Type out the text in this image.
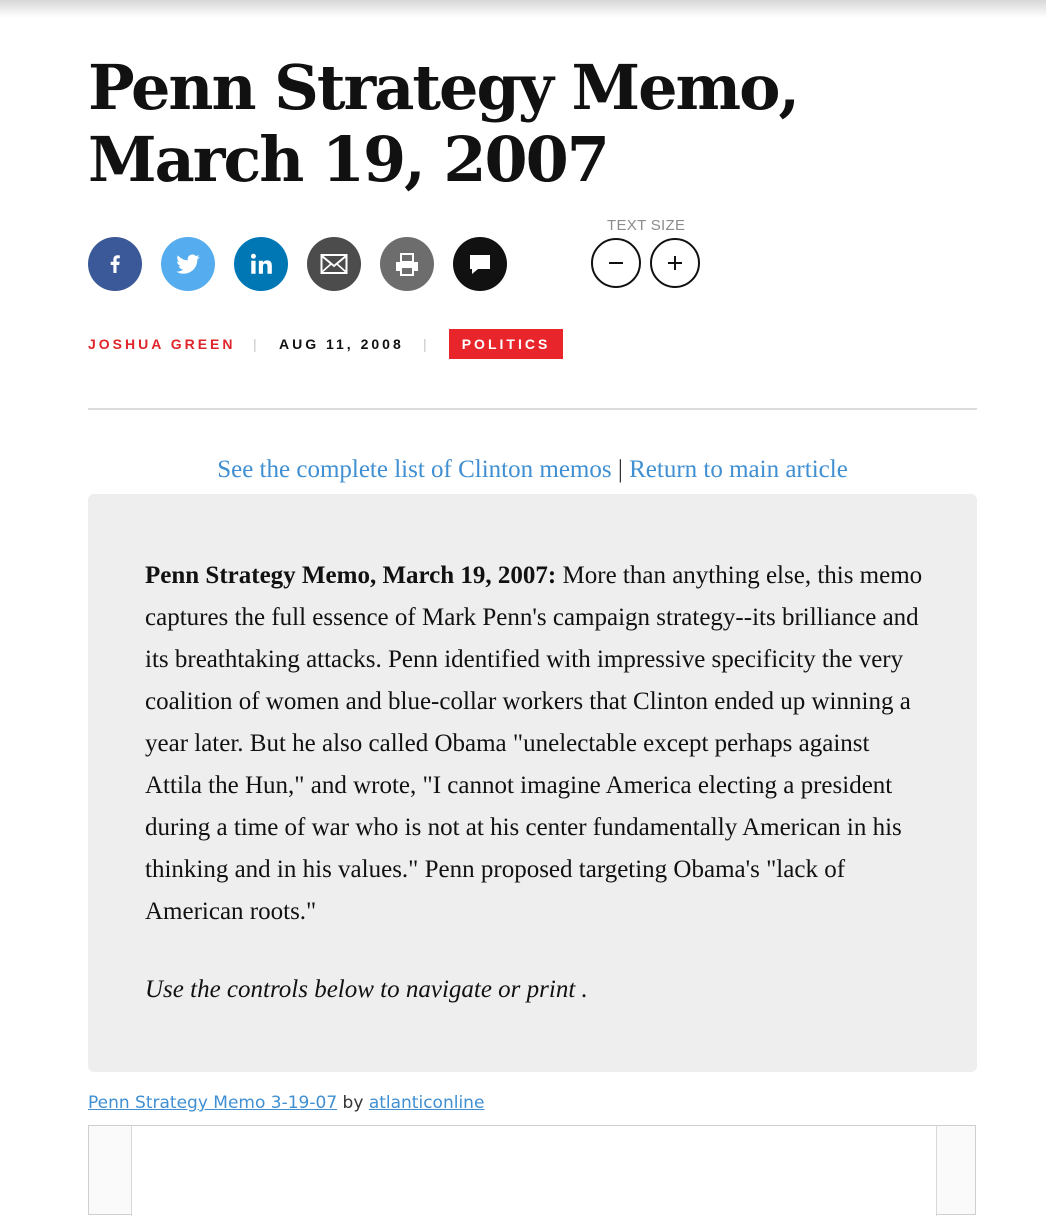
Penn Strategy Memo, March 19, 2007
TEXT SIZE
JOSHUA GREEN | AUG 11, 2008 |	POLITICS
See the complete list of Clinton memos | Return to main article

Penn Strategy Memo, March 19, 2007: More than anything else, this memo captures the full essence of Mark Penn's campaign strategy--its brilliance and its breathtaking attacks. Penn identified with impressive specificity the very coalition of women and blue-collar workers that Clinton ended up winning a year later. But he also called Obama "unelectable except perhaps against Attila the Hun," and wrote, "I cannot imagine America electing a president during a time of war who is not at his center fundamentally American in his thinking and in his values." Penn proposed targeting Obama's "lack of American roots."

Use the controls below to navigate or print .

Penn Strategy Memo 3-19-07 by atlanticonline
